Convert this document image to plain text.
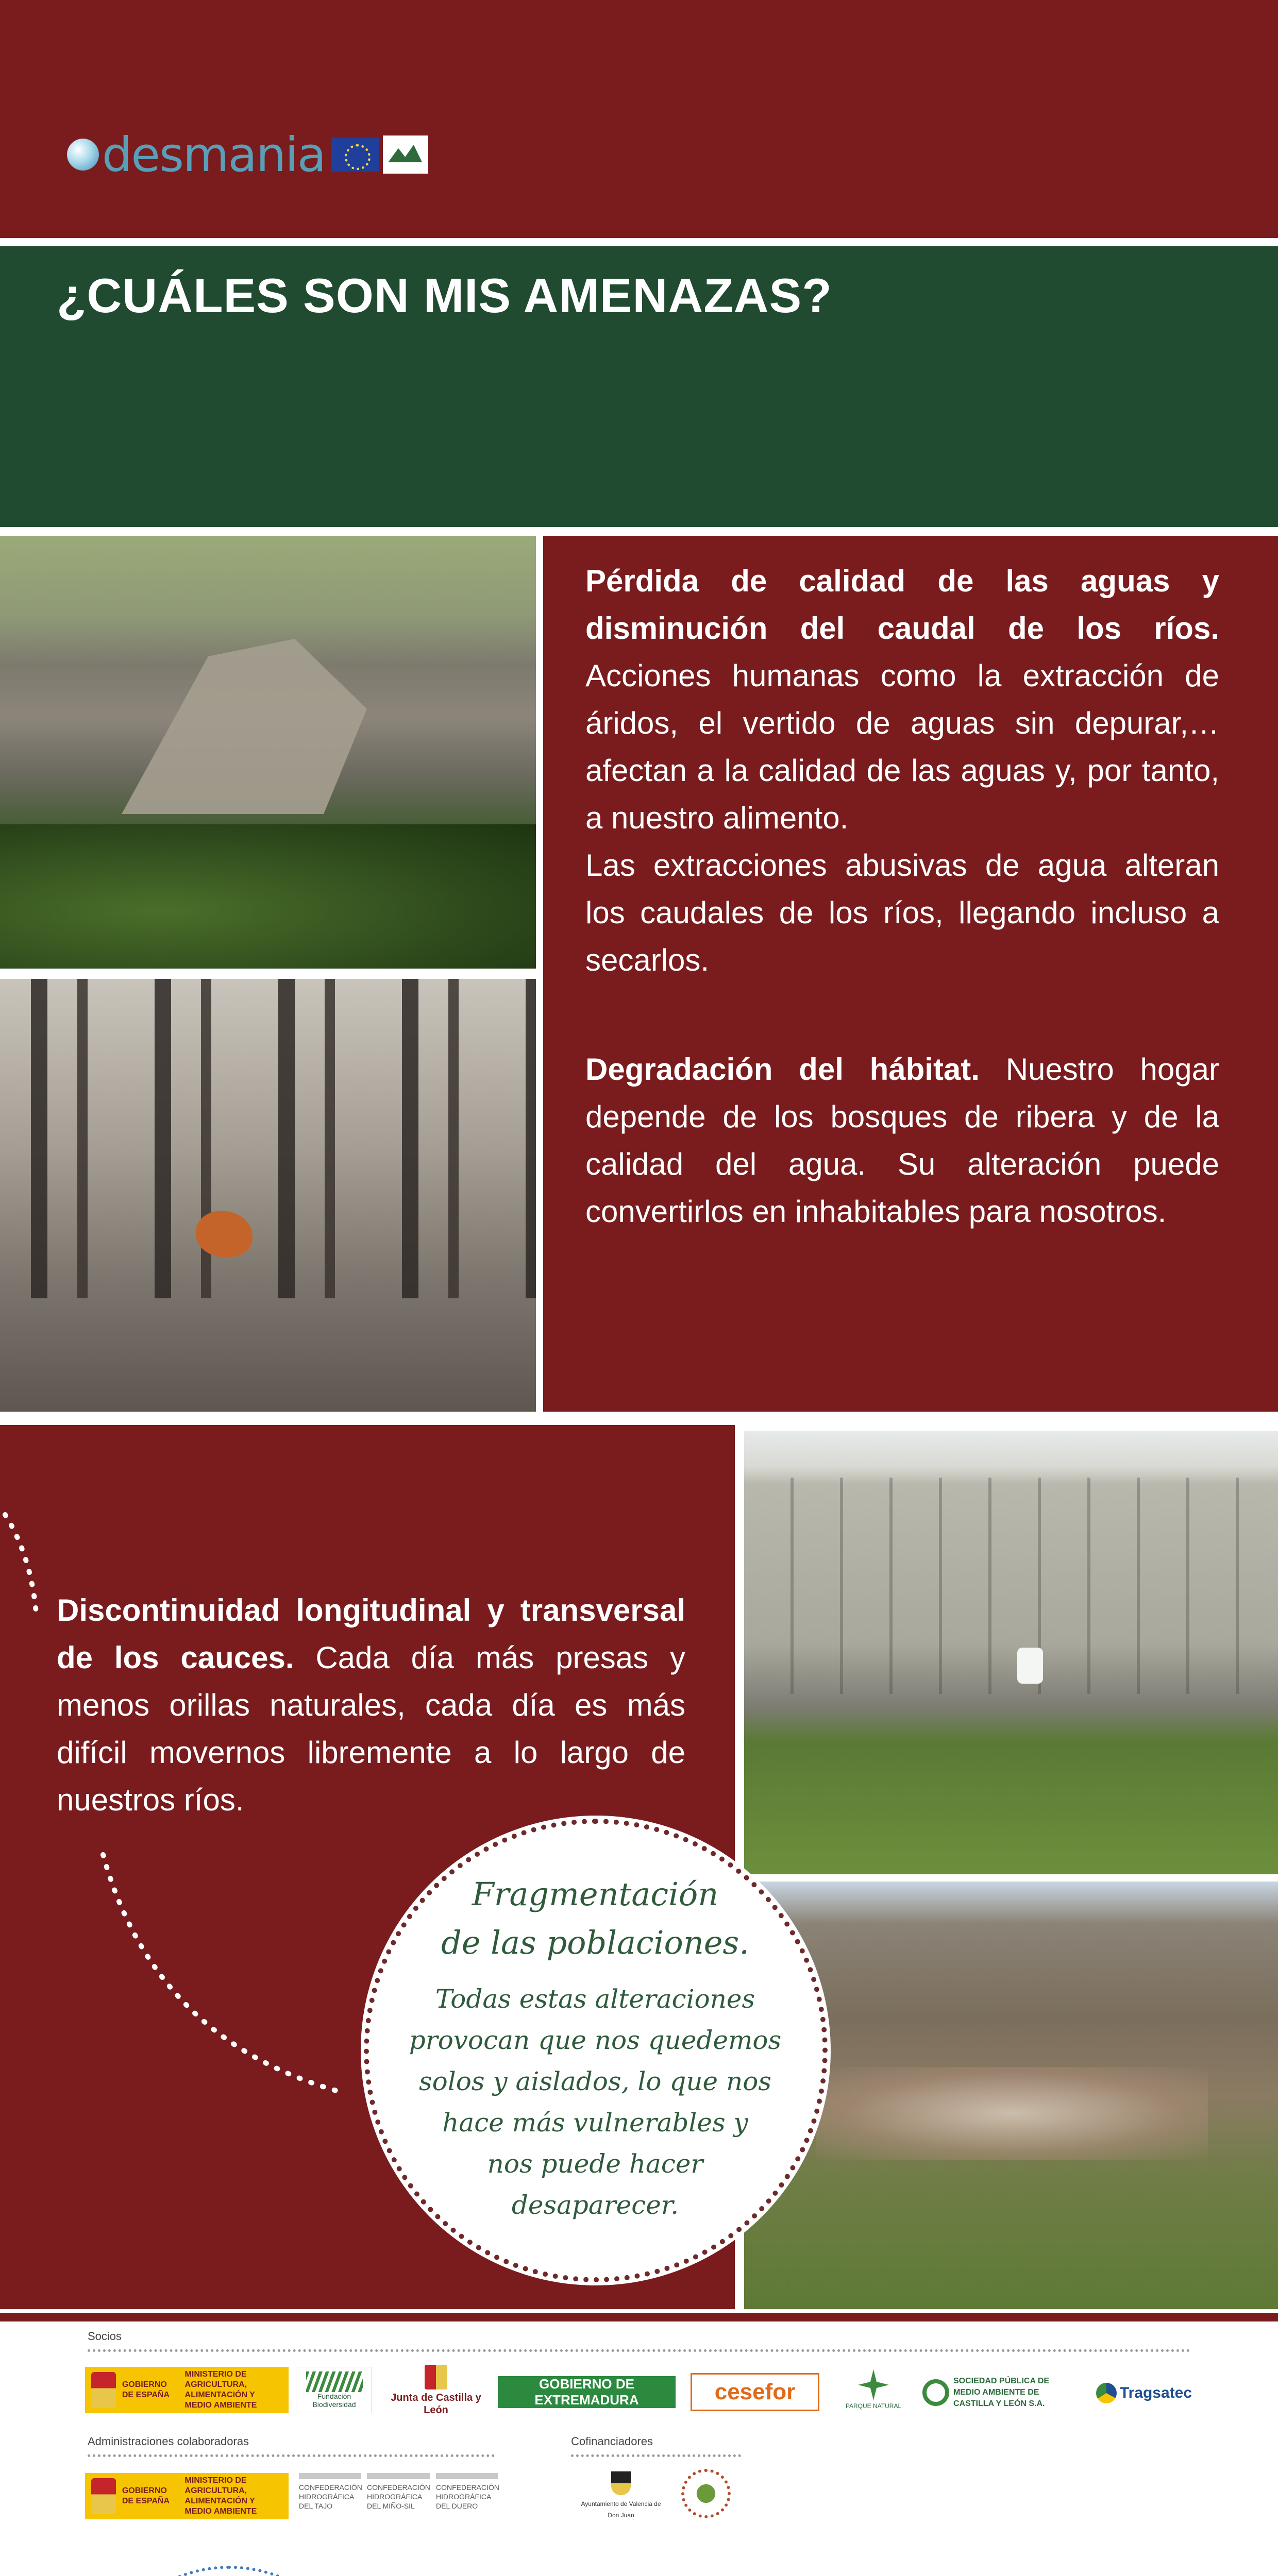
desmania
¿CUÁLES SON MIS AMENAZAS?
Pérdida de calidad de las aguas y disminución del caudal de los ríos. Acciones humanas como la extracción de áridos, el vertido de aguas sin depurar,… afectan a la calidad de las aguas y, por tanto, a nuestro alimento.
Las extracciones abusivas de agua alteran los caudales de los ríos, llegando incluso a secarlos.
Degradación del hábitat. Nuestro hogar depende de los bosques de ribera y de la calidad del agua. Su alteración puede convertirlos en inhabitables para nosotros.
Discontinuidad longitudinal y transversal de los cauces. Cada día más presas y menos orillas naturales, cada día es más difícil movernos libremente a lo largo de nuestros ríos.
Fragmentación
de las poblaciones.
Todas estas alteraciones
provocan que nos quedemos
solos y aislados, lo que nos
hace más vulnerables y
nos puede hacer
desaparecer.
Socios
GOBIERNO DE ESPAÑA
MINISTERIO DE AGRICULTURA, ALIMENTACIÓN Y MEDIO AMBIENTE
Fundación Biodiversidad
Junta de Castilla y León
GOBIERNO DE EXTREMADURA	cesefor
PARQUE NATURAL
SOCIEDAD PÚBLICA DE MEDIO AMBIENTE DE CASTILLA Y LEÓN S.A.
Tragsatec
Administraciones colaboradoras
GOBIERNO DE ESPAÑA
MINISTERIO DE AGRICULTURA, ALIMENTACIÓN Y MEDIO AMBIENTE
CONFEDERACIÓN HIDROGRÁFICA DEL TAJO
CONFEDERACIÓN HIDROGRÁFICA DEL MIÑO-SIL
CONFEDERACIÓN HIDROGRÁFICA DEL DUERO
Cofinanciadores
Ayuntamiento de Valencia de Don Juan
